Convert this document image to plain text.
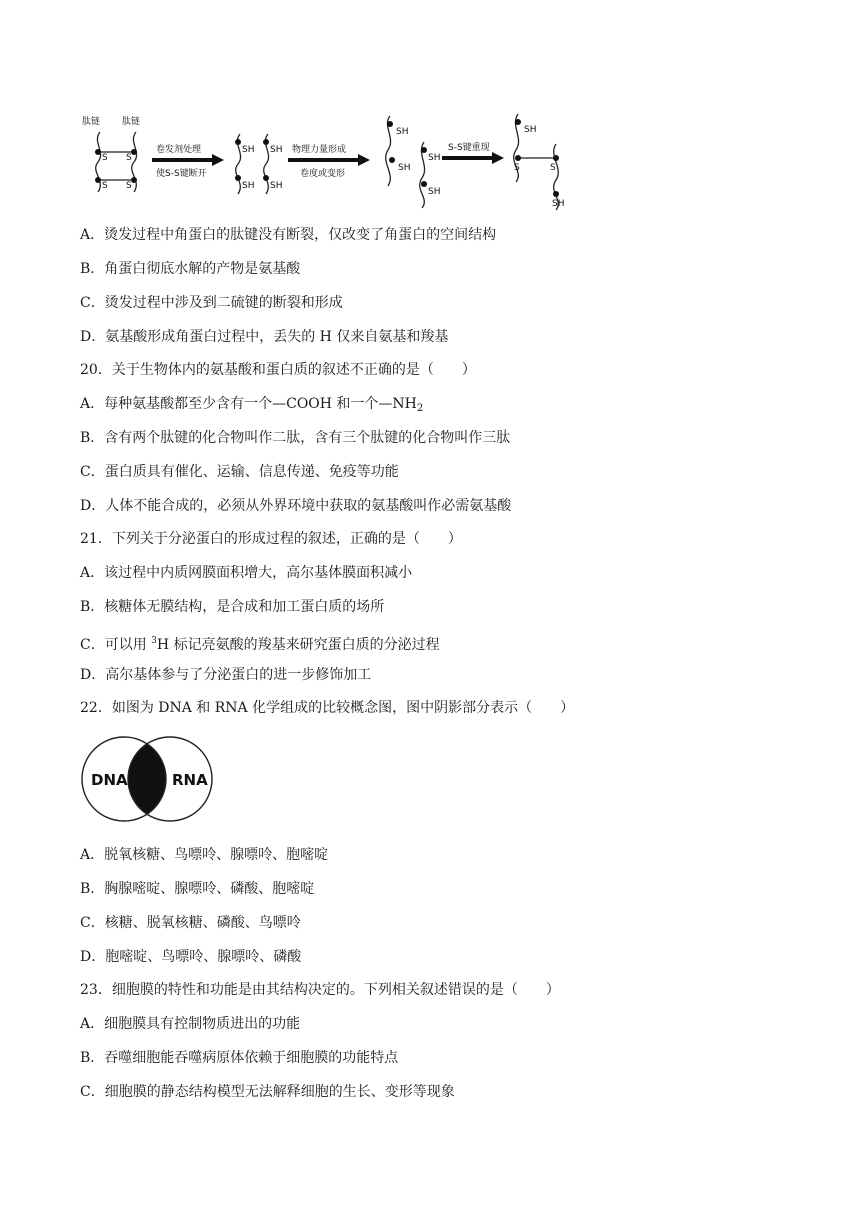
肽链 肽链
S S
S S
SH SH
SH SH
SH
SH
SH
SH
SH
S	S
SH
卷发剂处理
使S-S键断开
物理力量形成
卷度或变形
S-S键重现
A．烫发过程中角蛋白的肽键没有断裂，仅改变了角蛋白的空间结构
B．角蛋白彻底水解的产物是氨基酸
C．烫发过程中涉及到二硫键的断裂和形成
D．氨基酸形成角蛋白过程中，丢失的 H 仅来自氨基和羧基
20．关于生物体内的氨基酸和蛋白质的叙述不正确的是（　　）
A．每种氨基酸都至少含有一个—COOH 和一个$—NH_2$
B．含有两个肽键的化合物叫作二肽，含有三个肽键的化合物叫作三肽
C．蛋白质具有催化、运输、信息传递、免疫等功能
D．人体不能合成的，必须从外界环境中获取的氨基酸叫作必需氨基酸
21．下列关于分泌蛋白的形成过程的叙述，正确的是（　　）
A．该过程中内质网膜面积增大，高尔基体膜面积减小
B．核糖体无膜结构，是合成和加工蛋白质的场所
C．可以用 $^3$H 标记亮氨酸的羧基来研究蛋白质的分泌过程
D．高尔基体参与了分泌蛋白的进一步修饰加工
22．如图为 DNA 和 RNA 化学组成的比较概念图，图中阴影部分表示（　　）
DNA	RNA
A．脱氧核糖、鸟嘌呤、腺嘌呤、胞嘧啶
B．胸腺嘧啶、腺嘌呤、磷酸、胞嘧啶
C．核糖、脱氧核糖、磷酸、鸟嘌呤
D．胞嘧啶、鸟嘌呤、腺嘌呤、磷酸
23．细胞膜的特性和功能是由其结构决定的。下列相关叙述错误的是（　　）
A．细胞膜具有控制物质进出的功能
B．吞噬细胞能吞噬病原体依赖于细胞膜的功能特点
C．细胞膜的静态结构模型无法解释细胞的生长、变形等现象
